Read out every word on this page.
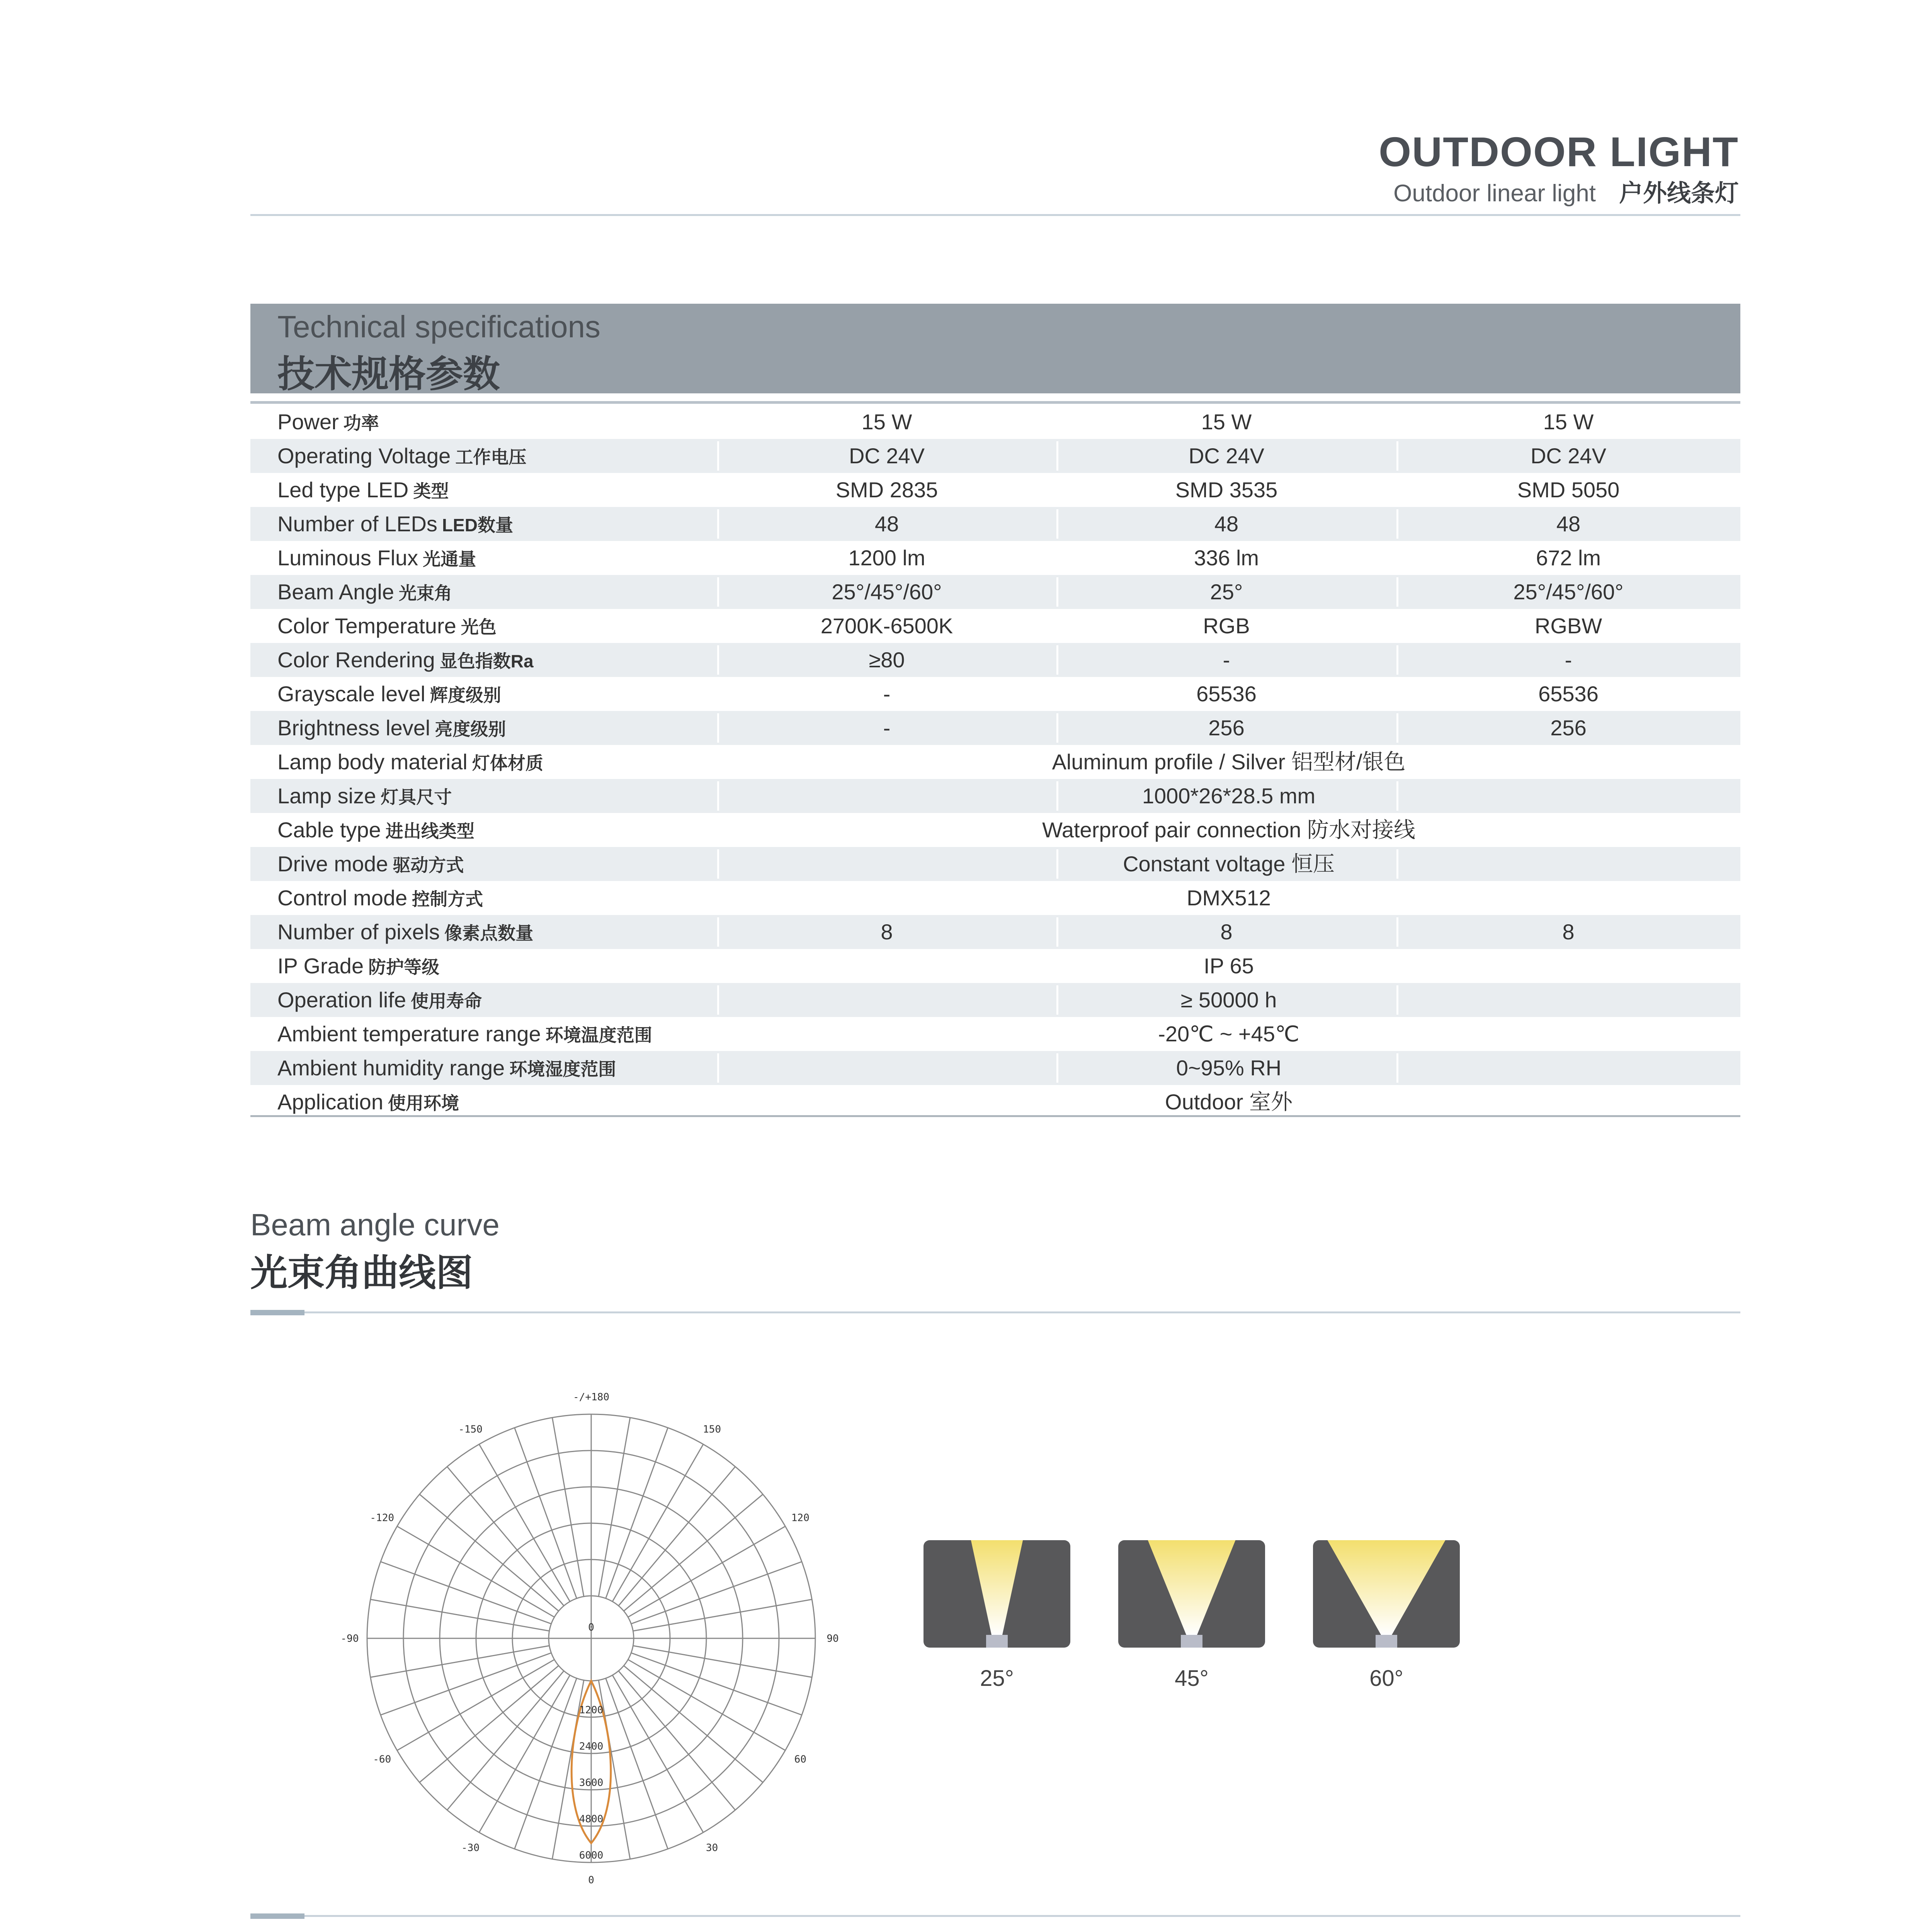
OUTDOOR LIGHT
Outdoor linear light 户外线条灯
Technical specifications
技术规格参数
Power 功率	15 W	15 W	15 W
Operating Voltage 工作电压	DC 24V	DC 24V	DC 24V
Led type LED 类型	SMD 2835	SMD 3535	SMD 5050
Number of LEDs LED数量	48	48	48
Luminous Flux 光通量	1200 lm	336 lm	672 lm
Beam Angle 光束角	25°/45°/60°	25°	25°/45°/60°
Color Temperature 光色	2700K-6500K	RGB	RGBW
Color Rendering 显色指数Ra	≥80	-	-
Grayscale level 辉度级别	-	65536	65536
Brightness level 亮度级别	-	256	256
Lamp body material 灯体材质	Aluminum profile / Silver 铝型材/银色
Lamp size 灯具尺寸	1000*26*28.5 mm
Cable type 进出线类型	Waterproof pair connection 防水对接线
Drive mode 驱动方式	Constant voltage 恒压
Control mode 控制方式	DMX512
Number of pixels 像素点数量	8	8	8
IP Grade 防护等级	IP 65
Operation life 使用寿命	≥ 50000 h
Ambient temperature range 环境温度范围	-20℃ ~ +45℃
Ambient humidity range 环境湿度范围	0~95% RH
Application 使用环境	Outdoor 室外
Beam angle curve
光束角曲线图
-/+180
-150	150
-120	120
-90	90
-60	60
-30	30
0
0
1200
2400
3600
4800
6000
25°	45°	60°
